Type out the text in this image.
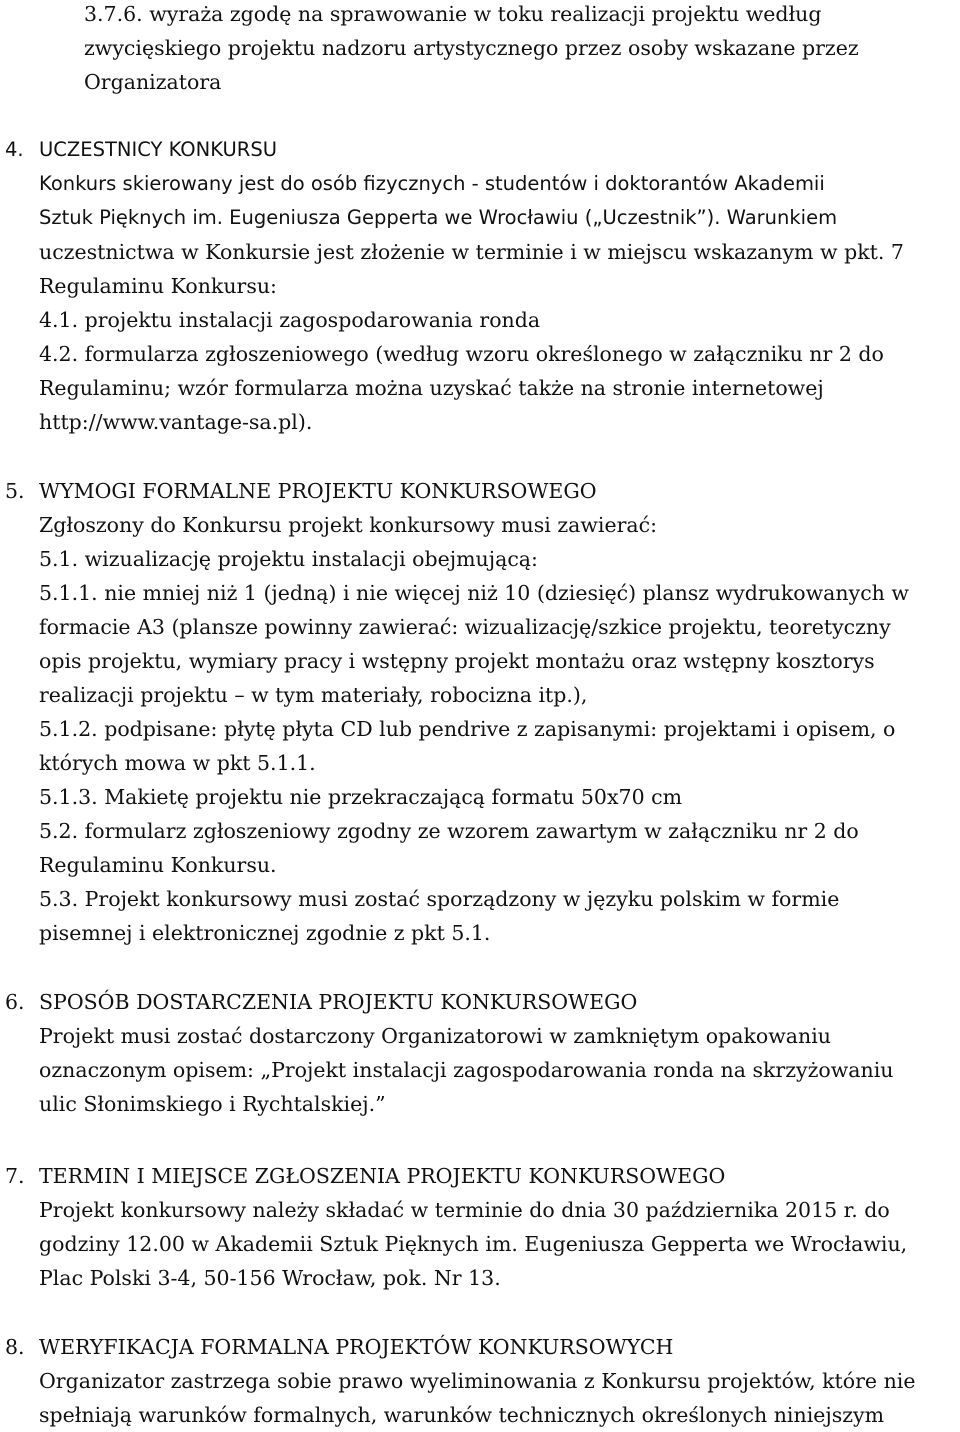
3.7.6. wyraża zgodę na sprawowanie w toku realizacji projektu według
zwycięskiego projektu nadzoru artystycznego przez osoby wskazane przez
Organizatora
4. UCZESTNICY KONKURSU
Konkurs skierowany jest do osób fizycznych - studentów i doktorantów Akademii
Sztuk Pięknych im. Eugeniusza Gepperta we Wrocławiu („Uczestnik”). Warunkiem
uczestnictwa w Konkursie jest złożenie w terminie i w miejscu wskazanym w pkt. 7
Regulaminu Konkursu:
4.1. projektu instalacji zagospodarowania ronda
4.2. formularza zgłoszeniowego (według wzoru określonego w załączniku nr 2 do
Regulaminu; wzór formularza można uzyskać także na stronie internetowej
http://www.vantage-sa.pl).
5. WYMOGI FORMALNE PROJEKTU KONKURSOWEGO
Zgłoszony do Konkursu projekt konkursowy musi zawierać:
5.1. wizualizację projektu instalacji obejmującą:
5.1.1. nie mniej niż 1 (jedną) i nie więcej niż 10 (dziesięć) plansz wydrukowanych w
formacie A3 (plansze powinny zawierać: wizualizację/szkice projektu, teoretyczny
opis projektu, wymiary pracy i wstępny projekt montażu oraz wstępny kosztorys
realizacji projektu – w tym materiały, robocizna itp.),
5.1.2. podpisane: płytę płyta CD lub pendrive z zapisanymi: projektami i opisem, o
których mowa w pkt 5.1.1.
5.1.3. Makietę projektu nie przekraczającą formatu 50x70 cm
5.2. formularz zgłoszeniowy zgodny ze wzorem zawartym w załączniku nr 2 do
Regulaminu Konkursu.
5.3. Projekt konkursowy musi zostać sporządzony w języku polskim w formie
pisemnej i elektronicznej zgodnie z pkt 5.1.
6. SPOSÓB DOSTARCZENIA PROJEKTU KONKURSOWEGO
Projekt musi zostać dostarczony Organizatorowi w zamkniętym opakowaniu
oznaczonym opisem: „Projekt instalacji zagospodarowania ronda na skrzyżowaniu
ulic Słonimskiego i Rychtalskiej.”
7. TERMIN I MIEJSCE ZGŁOSZENIA PROJEKTU KONKURSOWEGO
Projekt konkursowy należy składać w terminie do dnia 30 października 2015 r. do
godziny 12.00 w Akademii Sztuk Pięknych im. Eugeniusza Gepperta we Wrocławiu,
Plac Polski 3-4, 50-156 Wrocław, pok. Nr 13.
8. WERYFIKACJA FORMALNA PROJEKTÓW KONKURSOWYCH
Organizator zastrzega sobie prawo wyeliminowania z Konkursu projektów, które nie
spełniają warunków formalnych, warunków technicznych określonych niniejszym
